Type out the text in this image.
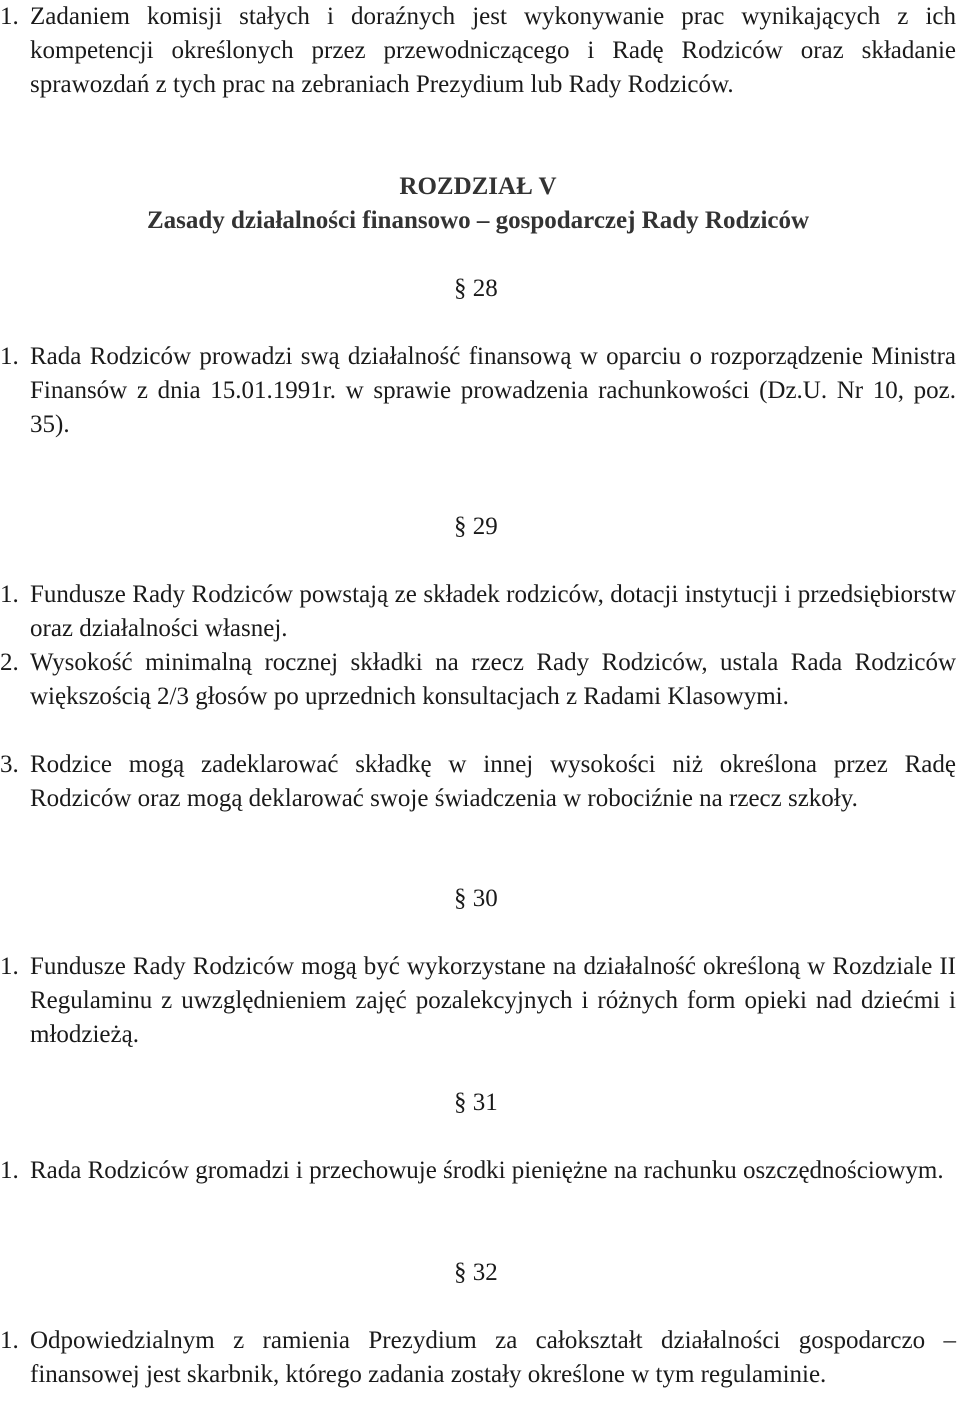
1. Zadaniem komisji stałych i doraźnych jest wykonywanie prac wynikających z ich kompetencji określonych przez przewodniczącego i Radę Rodziców oraz składanie sprawozdań z tych prac na zebraniach Prezydium lub Rady Rodziców.
ROZDZIAŁ V
Zasady działalności finansowo – gospodarczej Rady Rodziców
§ 28
1. Rada Rodziców prowadzi swą działalność finansową w oparciu o rozporządzenie Ministra Finansów z dnia 15.01.1991r. w sprawie prowadzenia rachunkowości (Dz.U. Nr 10, poz. 35).
§ 29
1. Fundusze Rady Rodziców powstają ze składek rodziców, dotacji instytucji i przedsiębiorstw oraz działalności własnej.
2. Wysokość minimalną rocznej składki na rzecz Rady Rodziców, ustala Rada Rodziców większością 2/3 głosów po uprzednich konsultacjach z Radami Klasowymi.
3. Rodzice mogą zadeklarować składkę w innej wysokości niż określona przez Radę Rodziców oraz mogą deklarować swoje świadczenia w robociźnie na rzecz szkoły.
§ 30
1. Fundusze Rady Rodziców mogą być wykorzystane na działalność określoną w Rozdziale II Regulaminu z uwzględnieniem zajęć pozalekcyjnych i różnych form opieki nad dziećmi i młodzieżą.
§ 31
1. Rada Rodziców gromadzi i przechowuje środki pieniężne na rachunku oszczędnościowym.
§ 32
1. Odpowiedzialnym z ramienia Prezydium za całokształt działalności gospodarczo – finansowej jest skarbnik, którego zadania zostały określone w tym regulaminie.
